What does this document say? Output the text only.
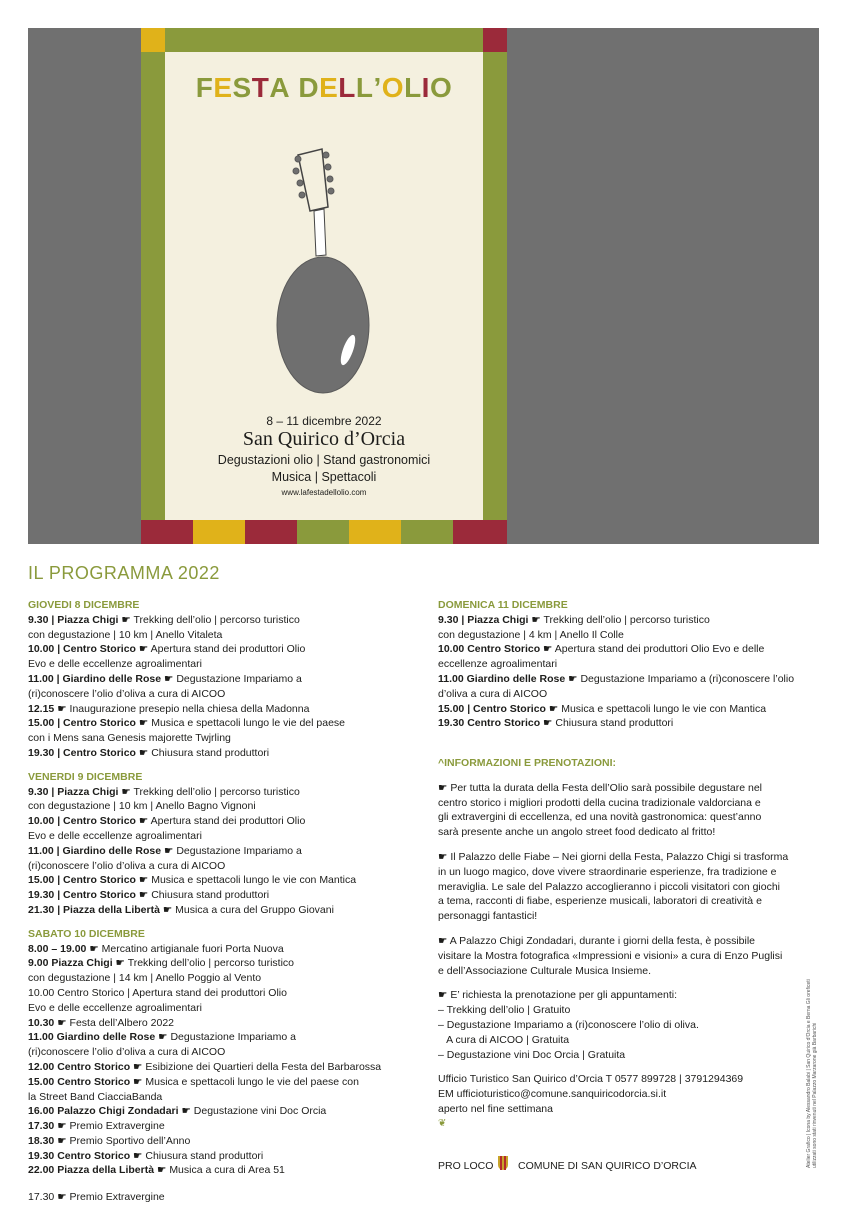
FESTA DELL’OLIO
8 – 11 dicembre 2022
San Quirico d’Orcia
Degustazioni olio | Stand gastronomici
Musica | Spettacoli
www.lafestadellolio.com
IL PROGRAMMA 2022
GIOVEDI 8 DICEMBRE
9.30 | Piazza Chigi ☛ Trekking dell’olio | percorso turistico
con degustazione | 10 km | Anello Vitaleta
10.00 | Centro Storico ☛ Apertura stand dei produttori Olio
Evo e delle eccellenze agroalimentari
11.00 | Giardino delle Rose ☛ Degustazione Impariamo a
(ri)conoscere l’olio d’oliva a cura di AICOO
12.15 ☛ Inaugurazione presepio nella chiesa della Madonna
15.00 | Centro Storico ☛ Musica e spettacoli lungo le vie del paese
con i Mens sana Genesis majorette Twjrling
19.30 | Centro Storico ☛ Chiusura stand produttori
VENERDI 9 DICEMBRE
9.30 | Piazza Chigi ☛ Trekking dell’olio | percorso turistico
con degustazione | 10 km | Anello Bagno Vignoni
10.00 | Centro Storico ☛ Apertura stand dei produttori Olio
Evo e delle eccellenze agroalimentari
11.00 | Giardino delle Rose ☛ Degustazione Impariamo a
(ri)conoscere l’olio d’oliva a cura di AICOO
15.00 | Centro Storico ☛ Musica e spettacoli lungo le vie con Mantica
19.30 | Centro Storico ☛ Chiusura stand produttori
21.30 | Piazza della Libertà ☛ Musica a cura del Gruppo Giovani
SABATO 10 DICEMBRE
8.00 – 19.00 ☛ Mercatino artigianale fuori Porta Nuova
9.00 Piazza Chigi ☛ Trekking dell’olio | percorso turistico
con degustazione | 14 km | Anello Poggio al Vento
10.00 Centro Storico | Apertura stand dei produttori Olio
Evo e delle eccellenze agroalimentari
10.30 ☛ Festa dell’Albero 2022
11.00 Giardino delle Rose ☛ Degustazione Impariamo a
(ri)conoscere l’olio d’oliva a cura di AICOO
12.00 Centro Storico ☛ Esibizione dei Quartieri della Festa del Barbarossa
15.00 Centro Storico ☛ Musica e spettacoli lungo le vie del paese con
la Street Band CiacciaBanda
16.00 Palazzo Chigi Zondadari ☛ Degustazione vini Doc Orcia
17.30 ☛ Premio Extravergine
18.30 ☛ Premio Sportivo dell’Anno
19.30 Centro Storico ☛ Chiusura stand produttori
22.00 Piazza della Libertà ☛ Musica a cura di Area 51
DOMENICA 11 DICEMBRE
9.30 | Piazza Chigi ☛ Trekking dell’olio | percorso turistico
con degustazione | 4 km | Anello Il Colle
10.00 Centro Storico ☛ Apertura stand dei produttori Olio Evo e delle
eccellenze agroalimentari
11.00 Giardino delle Rose ☛ Degustazione Impariamo a (ri)conoscere l’olio
d’oliva a cura di AICOO
15.00 | Centro Storico ☛ Musica e spettacoli lungo le vie con Mantica
19.30 Centro Storico ☛ Chiusura stand produttori
^INFORMAZIONI E PRENOTAZIONI:
☛ Per tutta la durata della Festa dell’Olio sarà possibile degustare nel
centro storico i migliori prodotti della cucina tradizionale valdorciana e
gli extravergini di eccellenza, ed una novità gastronomica: quest’anno
sarà presente anche un angolo street food dedicato al fritto!
☛ Il Palazzo delle Fiabe – Nei giorni della Festa, Palazzo Chigi si trasforma
in un luogo magico, dove vivere straordinarie esperienze, fra tradizione e
meraviglia. Le sale del Palazzo accoglieranno i piccoli visitatori con giochi
a tema, racconti di fiabe, esperienze musicali, laboratori di creatività e
personaggi fantastici!
☛ A Palazzo Chigi Zondadari, durante i giorni della festa, è possibile
visitare la Mostra fotografica «Impressioni e visioni» a cura di Enzo Puglisi
e dell’Associazione Culturale Musica Insieme.
☛ E’ richiesta la prenotazione per gli appuntamenti:
– Trekking dell’olio | Gratuito
– Degustazione Impariamo a (ri)conoscere l’olio di oliva.
A cura di AICOO | Gratuita
– Degustazione vini Doc Orcia | Gratuita
Ufficio Turistico San Quirico d’Orcia T 0577 899728 | 3791294369
EM ufficioturistico@comune.sanquiricodorcia.si.it
aperto nel fine settimana
❦
17.30 ☛ Premio Extravergine
PRO LOCO COMUNE DI SAN QUIRICO D’ORCIA	Atelier Grafico | Icona by Alessandro Balabi | San Quirico d’Orcia e Berna Gli oreficeti utilizzati sono stati rinvenuti nel Palazzo Marzarone già Barbarichi
